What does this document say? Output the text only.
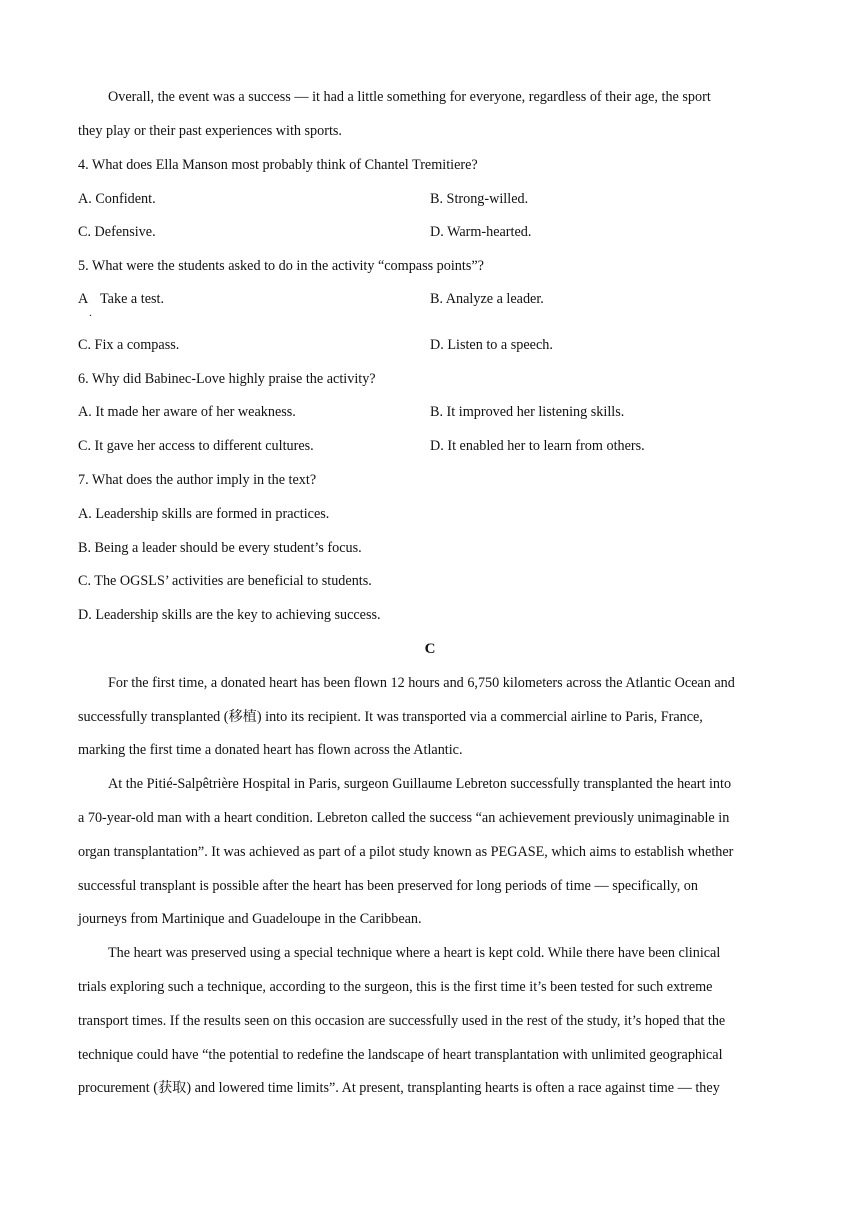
Overall, the event was a success — it had a little something for everyone, regardless of their age, the sport
they play or their past experiences with sports.
4. What does Ella Manson most probably think of Chantel Tremitiere?
A. Confident.	B. Strong-willed.
C. Defensive.	D. Warm-hearted.
5. What were the students asked to do in the activity “compass points”?
A
.
Take a test.	B. Analyze a leader.
C. Fix a compass.	D. Listen to a speech.
6. Why did Babinec-Love highly praise the activity?
A. It made her aware of her weakness.	B. It improved her listening skills.
C. It gave her access to different cultures.	D. It enabled her to learn from others.
7. What does the author imply in the text?
A. Leadership skills are formed in practices.
B. Being a leader should be every student’s focus.
C. The OGSLS’ activities are beneficial to students.
D. Leadership skills are the key to achieving success.
C
For the first time, a donated heart has been flown 12 hours and 6,750 kilometers across the Atlantic Ocean and
successfully transplanted (移植) into its recipient. It was transported via a commercial airline to Paris, France,
marking the first time a donated heart has flown across the Atlantic.
At the Pitié-Salpêtrière Hospital in Paris, surgeon Guillaume Lebreton successfully transplanted the heart into
a 70-year-old man with a heart condition. Lebreton called the success “an achievement previously unimaginable in
organ transplantation”. It was achieved as part of a pilot study known as PEGASE, which aims to establish whether
successful transplant is possible after the heart has been preserved for long periods of time — specifically, on
journeys from Martinique and Guadeloupe in the Caribbean.
The heart was preserved using a special technique where a heart is kept cold. While there have been clinical
trials exploring such a technique, according to the surgeon, this is the first time it’s been tested for such extreme
transport times. If the results seen on this occasion are successfully used in the rest of the study, it’s hoped that the
technique could have “the potential to redefine the landscape of heart transplantation with unlimited geographical
procurement (获取) and lowered time limits”. At present, transplanting hearts is often a race against time — they
